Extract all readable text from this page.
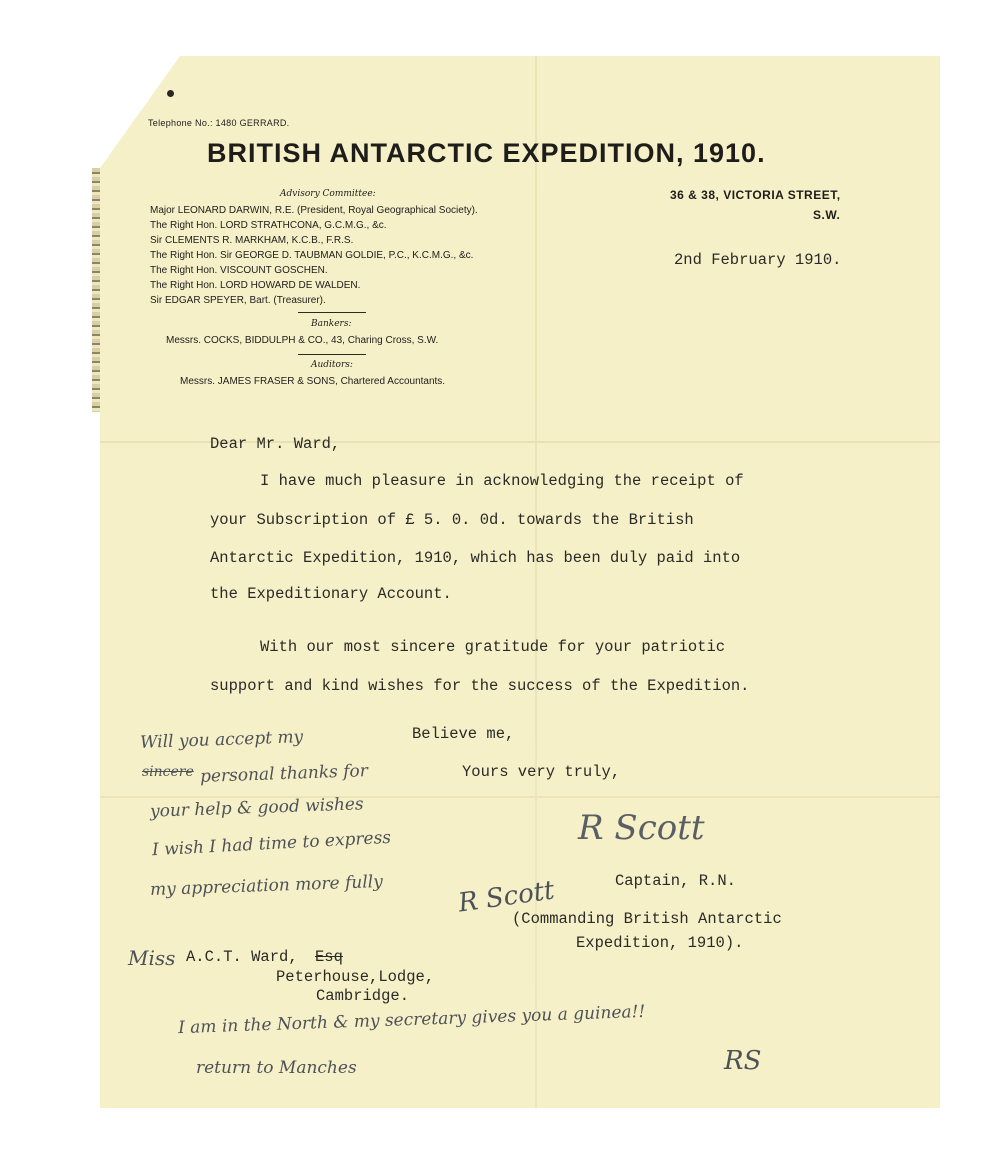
Telephone No.: 1480 GERRARD.
BRITISH ANTARCTIC EXPEDITION, 1910.
Advisory Committee:
Major LEONARD DARWIN, R.E. (President, Royal Geographical Society).
The Right Hon. LORD STRATHCONA, G.C.M.G., &c.
Sir CLEMENTS R. MARKHAM, K.C.B., F.R.S.
The Right Hon. Sir GEORGE D. TAUBMAN GOLDIE, P.C., K.C.M.G., &c.
The Right Hon. VISCOUNT GOSCHEN.
The Right Hon. LORD HOWARD DE WALDEN.
Sir EDGAR SPEYER, Bart. (Treasurer).
Bankers:
Messrs. COCKS, BIDDULPH & CO., 43, Charing Cross, S.W.
Auditors:
Messrs. JAMES FRASER & SONS, Chartered Accountants.
36 & 38, VICTORIA STREET,
S.W.
2nd February 1910.
Dear Mr. Ward,
I have much pleasure in acknowledging the receipt of
your Subscription of £ 5. 0. 0d. towards the British
Antarctic Expedition, 1910, which has been duly paid into
the Expeditionary Account.
With our most sincere gratitude for your patriotic
support and kind wishes for the success of the Expedition.
Believe me,
Yours very truly,
R Scott
Captain, R.N.
(Commanding British Antarctic
Expedition, 1910).
Miss A.C.T. Ward, Esq
Peterhouse,Lodge,
Cambridge.
Will you accept my
sincere personal thanks for
your help & good wishes
I wish I had time to express
my appreciation more fully	R Scott
I am in the North & my secretary gives you a guinea!!
return to Manches	RS
